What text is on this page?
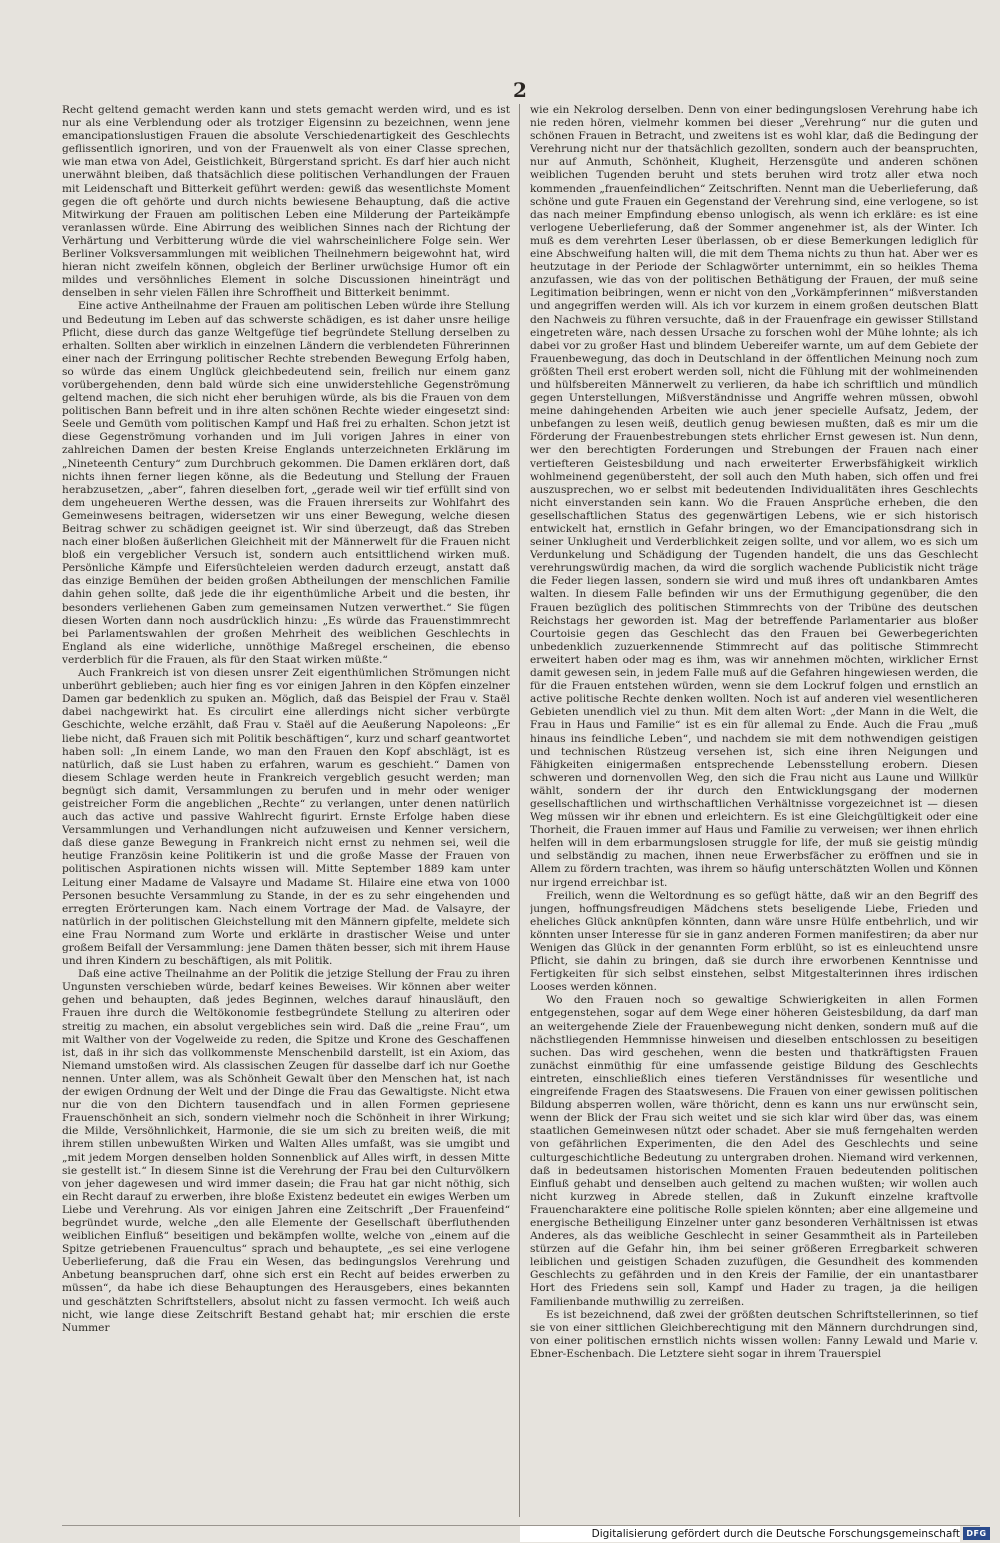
2

Recht geltend gemacht werden kann und stets gemacht werden wird, und es ist nur als eine Verblendung oder als trotziger Eigensinn zu bezeichnen, wenn jene emancipationslustigen Frauen die absolute Verschiedenartigkeit des Geschlechts geflissentlich ignoriren, und von der Frauenwelt als von einer Classe sprechen, wie man etwa von Adel, Geistlichkeit, Bürgerstand spricht. Es darf hier auch nicht unerwähnt bleiben, daß thatsächlich diese politischen Verhandlungen der Frauen mit Leidenschaft und Bitterkeit geführt werden: gewiß das wesentlichste Moment gegen die oft gehörte und durch nichts bewiesene Behauptung, daß die active Mitwirkung der Frauen am politischen Leben eine Milderung der Parteikämpfe veranlassen würde. Eine Abirrung des weiblichen Sinnes nach der Richtung der Verhärtung und Verbitterung würde die viel wahrscheinlichere Folge sein. Wer Berliner Volksversammlungen mit weiblichen Theilnehmern beigewohnt hat, wird hieran nicht zweifeln können, obgleich der Berliner urwüchsige Humor oft ein mildes und versöhnliches Element in solche Discussionen hineinträgt und denselben in sehr vielen Fällen ihre Schroffheit und Bitterkeit benimmt.

Eine active Antheilnahme der Frauen am politischen Leben würde ihre Stellung und Bedeutung im Leben auf das schwerste schädigen, es ist daher unsre heilige Pflicht, diese durch das ganze Weltgefüge tief begründete Stellung derselben zu erhalten. Sollten aber wirklich in einzelnen Ländern die verblendeten Führerinnen einer nach der Erringung politischer Rechte strebenden Bewegung Erfolg haben, so würde das einem Unglück gleichbedeutend sein, freilich nur einem ganz vorübergehenden, denn bald würde sich eine unwiderstehliche Gegenströmung geltend machen, die sich nicht eher beruhigen würde, als bis die Frauen von dem politischen Bann befreit und in ihre alten schönen Rechte wieder eingesetzt sind: Seele und Gemüth vom politischen Kampf und Haß frei zu erhalten. Schon jetzt ist diese Gegenströmung vorhanden und im Juli vorigen Jahres in einer von zahlreichen Damen der besten Kreise Englands unterzeichneten Erklärung im „Nineteenth Century“ zum Durchbruch gekommen. Die Damen erklären dort, daß nichts ihnen ferner liegen könne, als die Bedeutung und Stellung der Frauen herabzusetzen, „aber“, fahren dieselben fort, „gerade weil wir tief erfüllt sind von dem ungeheueren Werthe dessen, was die Frauen ihrerseits zur Wohlfahrt des Gemeinwesens beitragen, widersetzen wir uns einer Bewegung, welche diesen Beitrag schwer zu schädigen geeignet ist. Wir sind überzeugt, daß das Streben nach einer bloßen äußerlichen Gleichheit mit der Männerwelt für die Frauen nicht bloß ein vergeblicher Versuch ist, sondern auch entsittlichend wirken muß. Persönliche Kämpfe und Eifersüchteleien werden dadurch erzeugt, anstatt daß das einzige Bemühen der beiden großen Abtheilungen der menschlichen Familie dahin gehen sollte, daß jede die ihr eigenthümliche Arbeit und die besten, ihr besonders verliehenen Gaben zum gemeinsamen Nutzen verwerthet.“ Sie fügen diesen Worten dann noch ausdrücklich hinzu: „Es würde das Frauenstimmrecht bei Parlamentswahlen der großen Mehrheit des weiblichen Geschlechts in England als eine widerliche, unnöthige Maßregel erscheinen, die ebenso verderblich für die Frauen, als für den Staat wirken müßte.“

Auch Frankreich ist von diesen unsrer Zeit eigenthümlichen Strömungen nicht unberührt geblieben; auch hier fing es vor einigen Jahren in den Köpfen einzelner Damen gar bedenklich zu spuken an. Möglich, daß das Beispiel der Frau v. Staël dabei nachgewirkt hat. Es circulirt eine allerdings nicht sicher verbürgte Geschichte, welche erzählt, daß Frau v. Staël auf die Aeußerung Napoleons: „Er liebe nicht, daß Frauen sich mit Politik beschäftigen“, kurz und scharf geantwortet haben soll: „In einem Lande, wo man den Frauen den Kopf abschlägt, ist es natürlich, daß sie Lust haben zu erfahren, warum es geschieht.“ Damen von diesem Schlage werden heute in Frankreich vergeblich gesucht werden; man begnügt sich damit, Versammlungen zu berufen und in mehr oder weniger geistreicher Form die angeblichen „Rechte“ zu verlangen, unter denen natürlich auch das active und passive Wahlrecht figurirt. Ernste Erfolge haben diese Versammlungen und Verhandlungen nicht aufzuweisen und Kenner versichern, daß diese ganze Bewegung in Frankreich nicht ernst zu nehmen sei, weil die heutige Französin keine Politikerin ist und die große Masse der Frauen von politischen Aspirationen nichts wissen will. Mitte September 1889 kam unter Leitung einer Madame de Valsayre und Madame St. Hilaire eine etwa von 1000 Personen besuchte Versammlung zu Stande, in der es zu sehr eingehenden und erregten Erörterungen kam. Nach einem Vortrage der Mad. de Valsayre, der natürlich in der politischen Gleichstellung mit den Männern gipfelte, meldete sich eine Frau Normand zum Worte und erklärte in drastischer Weise und unter großem Beifall der Versammlung: jene Damen thäten besser, sich mit ihrem Hause und ihren Kindern zu beschäftigen, als mit Politik.

Daß eine active Theilnahme an der Politik die jetzige Stellung der Frau zu ihren Ungunsten verschieben würde, bedarf keines Beweises. Wir können aber weiter gehen und behaupten, daß jedes Beginnen, welches darauf hinausläuft, den Frauen ihre durch die Weltökonomie festbegründete Stellung zu alteriren oder streitig zu machen, ein absolut vergebliches sein wird. Daß die „reine Frau“, um mit Walther von der Vogelweide zu reden, die Spitze und Krone des Geschaffenen ist, daß in ihr sich das vollkommenste Menschenbild darstellt, ist ein Axiom, das Niemand umstoßen wird. Als classischen Zeugen für dasselbe darf ich nur Goethe nennen. Unter allem, was als Schönheit Gewalt über den Menschen hat, ist nach der ewigen Ordnung der Welt und der Dinge die Frau das Gewaltigste. Nicht etwa nur die von den Dichtern tausendfach und in allen Formen gepriesene Frauenschönheit an sich, sondern vielmehr noch die Schönheit in ihrer Wirkung; die Milde, Versöhnlichkeit, Harmonie, die sie um sich zu breiten weiß, die mit ihrem stillen unbewußten Wirken und Walten Alles umfaßt, was sie umgibt und „mit jedem Morgen denselben holden Sonnenblick auf Alles wirft, in dessen Mitte sie gestellt ist.“ In diesem Sinne ist die Verehrung der Frau bei den Culturvölkern von jeher dagewesen und wird immer dasein; die Frau hat gar nicht nöthig, sich ein Recht darauf zu erwerben, ihre bloße Existenz bedeutet ein ewiges Werben um Liebe und Verehrung. Als vor einigen Jahren eine Zeitschrift „Der Frauenfeind“ begründet wurde, welche „den alle Elemente der Gesellschaft überfluthenden weiblichen Einfluß“ beseitigen und bekämpfen wollte, welche von „einem auf die Spitze getriebenen Frauencultus“ sprach und behauptete, „es sei eine verlogene Ueberlieferung, daß die Frau ein Wesen, das bedingungslos Verehrung und Anbetung beanspruchen darf, ohne sich erst ein Recht auf beides erwerben zu müssen“, da habe ich diese Behauptungen des Herausgebers, eines bekannten und geschätzten Schriftstellers, absolut nicht zu fassen vermocht. Ich weiß auch nicht, wie lange diese Zeitschrift Bestand gehabt hat; mir erschien die erste Nummer

wie ein Nekrolog derselben. Denn von einer bedingungslosen Verehrung habe ich nie reden hören, vielmehr kommen bei dieser „Verehrung“ nur die guten und schönen Frauen in Betracht, und zweitens ist es wohl klar, daß die Bedingung der Verehrung nicht nur der thatsächlich gezollten, sondern auch der beanspruchten, nur auf Anmuth, Schönheit, Klugheit, Herzensgüte und anderen schönen weiblichen Tugenden beruht und stets beruhen wird trotz aller etwa noch kommenden „frauenfeindlichen“ Zeitschriften. Nennt man die Ueberlieferung, daß schöne und gute Frauen ein Gegenstand der Verehrung sind, eine verlogene, so ist das nach meiner Empfindung ebenso unlogisch, als wenn ich erkläre: es ist eine verlogene Ueberlieferung, daß der Sommer angenehmer ist, als der Winter. Ich muß es dem verehrten Leser überlassen, ob er diese Bemerkungen lediglich für eine Abschweifung halten will, die mit dem Thema nichts zu thun hat. Aber wer es heutzutage in der Periode der Schlagwörter unternimmt, ein so heikles Thema anzufassen, wie das von der politischen Bethätigung der Frauen, der muß seine Legitimation beibringen, wenn er nicht von den „Vorkämpferinnen“ mißverstanden und angegriffen werden will. Als ich vor kurzem in einem großen deutschen Blatt den Nachweis zu führen versuchte, daß in der Frauenfrage ein gewisser Stillstand eingetreten wäre, nach dessen Ursache zu forschen wohl der Mühe lohnte; als ich dabei vor zu großer Hast und blindem Uebereifer warnte, um auf dem Gebiete der Frauenbewegung, das doch in Deutschland in der öffentlichen Meinung noch zum größten Theil erst erobert werden soll, nicht die Fühlung mit der wohlmeinenden und hülfsbereiten Männerwelt zu verlieren, da habe ich schriftlich und mündlich gegen Unterstellungen, Mißverständnisse und Angriffe wehren müssen, obwohl meine dahingehenden Arbeiten wie auch jener specielle Aufsatz, Jedem, der unbefangen zu lesen weiß, deutlich genug bewiesen mußten, daß es mir um die Förderung der Frauenbestrebungen stets ehrlicher Ernst gewesen ist. Nun denn, wer den berechtigten Forderungen und Strebungen der Frauen nach einer vertiefteren Geistesbildung und nach erweiterter Erwerbsfähigkeit wirklich wohlmeinend gegenübersteht, der soll auch den Muth haben, sich offen und frei auszusprechen, wo er selbst mit bedeutenden Individualitäten ihres Geschlechts nicht einverstanden sein kann. Wo die Frauen Ansprüche erheben, die den gesellschaftlichen Status des gegenwärtigen Lebens, wie er sich historisch entwickelt hat, ernstlich in Gefahr bringen, wo der Emancipationsdrang sich in seiner Unklugheit und Verderblichkeit zeigen sollte, und vor allem, wo es sich um Verdunkelung und Schädigung der Tugenden handelt, die uns das Geschlecht verehrungswürdig machen, da wird die sorglich wachende Publicistik nicht träge die Feder liegen lassen, sondern sie wird und muß ihres oft undankbaren Amtes walten. In diesem Falle befinden wir uns der Ermuthigung gegenüber, die den Frauen bezüglich des politischen Stimmrechts von der Tribüne des deutschen Reichstags her geworden ist. Mag der betreffende Parlamentarier aus bloßer Courtoisie gegen das Geschlecht das den Frauen bei Gewerbegerichten unbedenklich zuzuerkennende Stimmrecht auf das politische Stimmrecht erweitert haben oder mag es ihm, was wir annehmen möchten, wirklicher Ernst damit gewesen sein, in jedem Falle muß auf die Gefahren hingewiesen werden, die für die Frauen entstehen würden, wenn sie dem Lockruf folgen und ernstlich an active politische Rechte denken wollten. Noch ist auf anderen viel wesentlicheren Gebieten unendlich viel zu thun. Mit dem alten Wort: „der Mann in die Welt, die Frau in Haus und Familie“ ist es ein für allemal zu Ende. Auch die Frau „muß hinaus ins feindliche Leben“, und nachdem sie mit dem nothwendigen geistigen und technischen Rüstzeug versehen ist, sich eine ihren Neigungen und Fähigkeiten einigermaßen entsprechende Lebensstellung erobern. Diesen schweren und dornenvollen Weg, den sich die Frau nicht aus Laune und Willkür wählt, sondern der ihr durch den Entwicklungsgang der modernen gesellschaftlichen und wirthschaftlichen Verhältnisse vorgezeichnet ist — diesen Weg müssen wir ihr ebnen und erleichtern. Es ist eine Gleichgültigkeit oder eine Thorheit, die Frauen immer auf Haus und Familie zu verweisen; wer ihnen ehrlich helfen will in dem erbarmungslosen struggle for life, der muß sie geistig mündig und selbständig zu machen, ihnen neue Erwerbsfächer zu eröffnen und sie in Allem zu fördern trachten, was ihrem so häufig unterschätzten Wollen und Können nur irgend erreichbar ist.

Freilich, wenn die Weltordnung es so gefügt hätte, daß wir an den Begriff des jungen, hoffnungsfreudigen Mädchens stets beseligende Liebe, Frieden und eheliches Glück anknüpfen könnten, dann wäre unsre Hülfe entbehrlich, und wir könnten unser Interesse für sie in ganz anderen Formen manifestiren; da aber nur Wenigen das Glück in der genannten Form erblüht, so ist es einleuchtend unsre Pflicht, sie dahin zu bringen, daß sie durch ihre erworbenen Kenntnisse und Fertigkeiten für sich selbst einstehen, selbst Mitgestalterinnen ihres irdischen Looses werden können.

Wo den Frauen noch so gewaltige Schwierigkeiten in allen Formen entgegenstehen, sogar auf dem Wege einer höheren Geistesbildung, da darf man an weitergehende Ziele der Frauenbewegung nicht denken, sondern muß auf die nächstliegenden Hemmnisse hinweisen und dieselben entschlossen zu beseitigen suchen. Das wird geschehen, wenn die besten und thatkräftigsten Frauen zunächst einmüthig für eine umfassende geistige Bildung des Geschlechts eintreten, einschließlich eines tieferen Verständnisses für wesentliche und eingreifende Fragen des Staatswesens. Die Frauen von einer gewissen politischen Bildung absperren wollen, wäre thöricht, denn es kann uns nur erwünscht sein, wenn der Blick der Frau sich weitet und sie sich klar wird über das, was einem staatlichen Gemeinwesen nützt oder schadet. Aber sie muß ferngehalten werden von gefährlichen Experimenten, die den Adel des Geschlechts und seine culturgeschichtliche Bedeutung zu untergraben drohen. Niemand wird verkennen, daß in bedeutsamen historischen Momenten Frauen bedeutenden politischen Einfluß gehabt und denselben auch geltend zu machen wußten; wir wollen auch nicht kurzweg in Abrede stellen, daß in Zukunft einzelne kraftvolle Frauencharaktere eine politische Rolle spielen könnten; aber eine allgemeine und energische Betheiligung Einzelner unter ganz besonderen Verhältnissen ist etwas Anderes, als das weibliche Geschlecht in seiner Gesammtheit als in Parteileben stürzen auf die Gefahr hin, ihm bei seiner größeren Erregbarkeit schweren leiblichen und geistigen Schaden zuzufügen, die Gesundheit des kommenden Geschlechts zu gefährden und in den Kreis der Familie, der ein unantastbarer Hort des Friedens sein soll, Kampf und Hader zu tragen, ja die heiligen Familienbande muthwillig zu zerreißen.

Es ist bezeichnend, daß zwei der größten deutschen Schriftstellerinnen, so tief sie von einer sittlichen Gleichberechtigung mit den Männern durchdrungen sind, von einer politischen ernstlich nichts wissen wollen: Fanny Lewald und Marie v. Ebner-Eschenbach. Die Letztere sieht sogar in ihrem Trauerspiel

Digitalisierung gefördert durch die Deutsche Forschungsgemeinschaft DFG
